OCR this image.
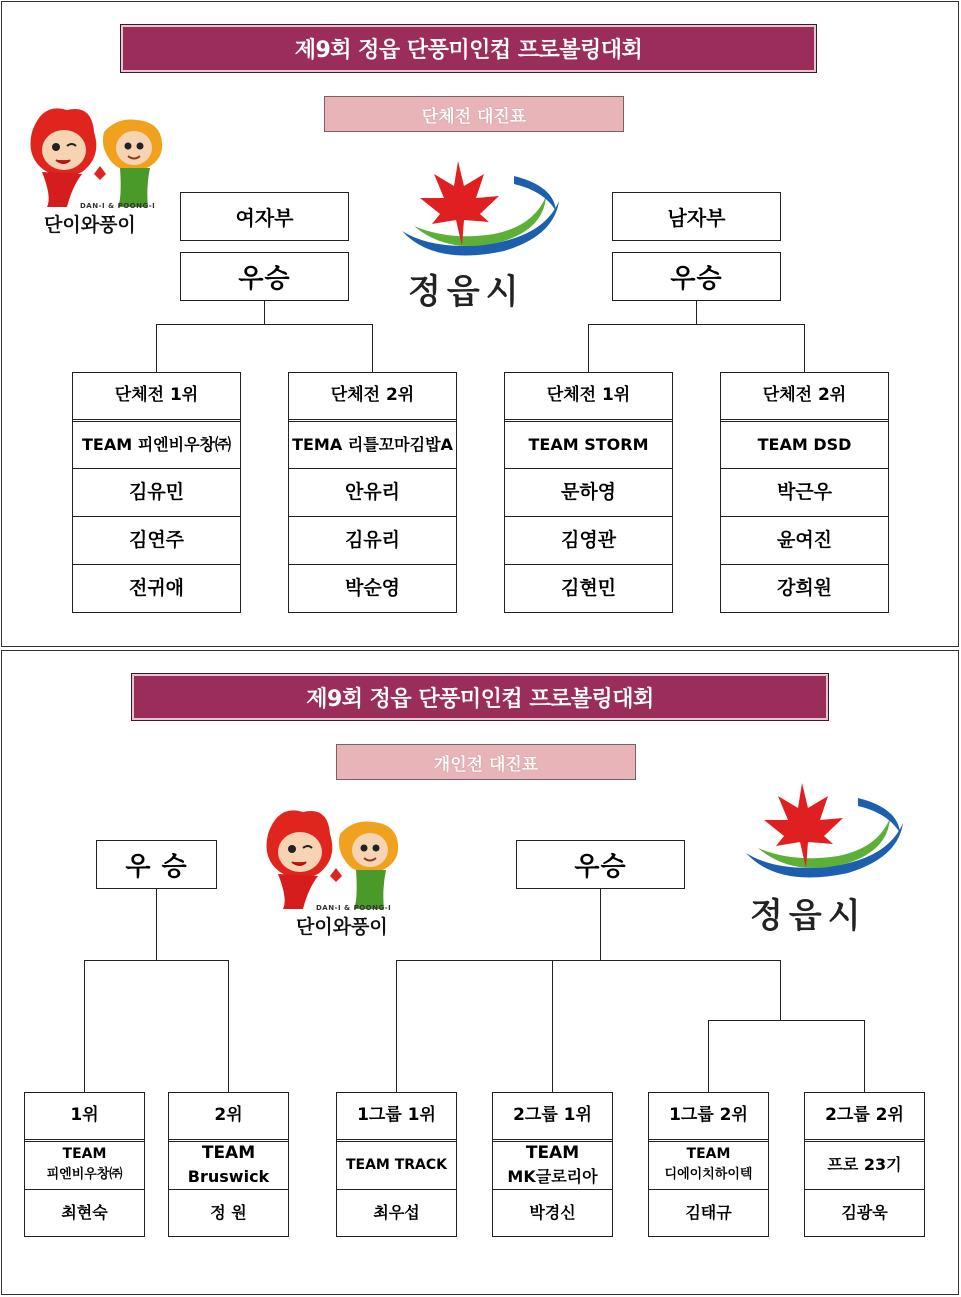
제9회 정읍 단풍미인컵 프로볼링대회
단체전 대진표
DAN-I & POONG-I
단이와풍이
정읍시
여자부
우승
남자부
우승
단체전 1위
TEAM 피엔비우창㈜
김유민
김연주
전귀애
단체전 2위
TEMA 리틀꼬마김밥A
안유리
김유리
박순영
단체전 1위
TEAM STORM
문하영
김영관
김현민
단체전 2위
TEAM DSD
박근우
윤여진
강희원
제9회 정읍 단풍미인컵 프로볼링대회
개인전 대진표
DAN-I & POONG-I
단이와풍이	정읍시
우 승	우승
1위
TEAM
피엔비우창㈜
최현숙
2위
TEAM
Bruswick
정 원
1그룹 1위
TEAM TRACK
최우섭
2그룹 1위
TEAM
MK글로리아
박경신
1그룹 2위
TEAM
디에이치하이텍
김태규
2그룹 2위
프로 23기
김광욱
